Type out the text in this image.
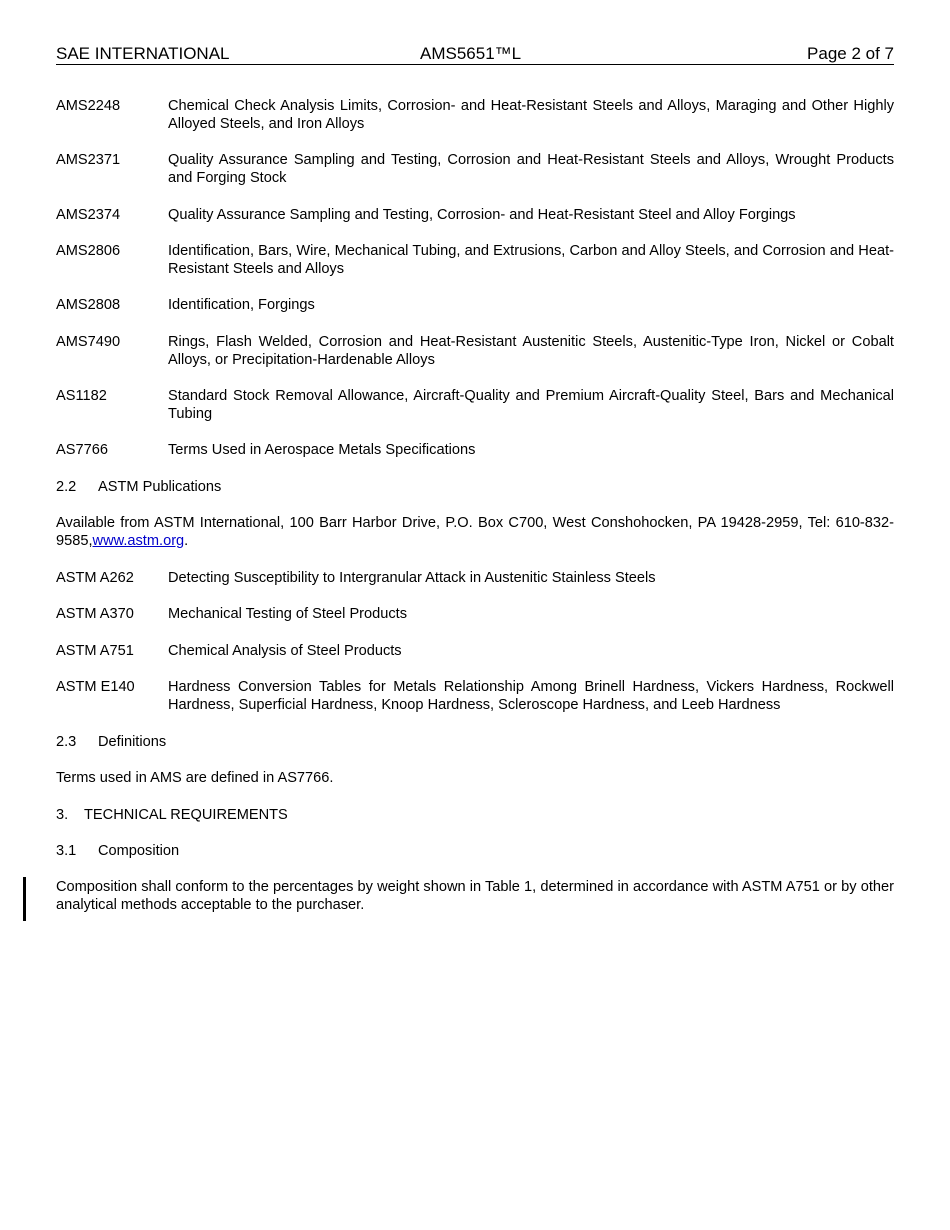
SAE INTERNATIONAL	AMS5651™L	Page 2 of 7
AMS2248	Chemical Check Analysis Limits, Corrosion- and Heat-Resistant Steels and Alloys, Maraging and Other Highly Alloyed Steels, and Iron Alloys
AMS2371	Quality Assurance Sampling and Testing, Corrosion and Heat-Resistant Steels and Alloys, Wrought Products and Forging Stock
AMS2374	Quality Assurance Sampling and Testing, Corrosion- and Heat-Resistant Steel and Alloy Forgings
AMS2806	Identification, Bars, Wire, Mechanical Tubing, and Extrusions, Carbon and Alloy Steels, and Corrosion and Heat-Resistant Steels and Alloys
AMS2808	Identification, Forgings
AMS7490	Rings, Flash Welded, Corrosion and Heat-Resistant Austenitic Steels, Austenitic-Type Iron, Nickel or Cobalt Alloys, or Precipitation-Hardenable Alloys
AS1182	Standard Stock Removal Allowance, Aircraft-Quality and Premium Aircraft-Quality Steel, Bars and Mechanical Tubing
AS7766	Terms Used in Aerospace Metals Specifications
2.2 ASTM Publications
Available from ASTM International, 100 Barr Harbor Drive, P.O. Box C700, West Conshohocken, PA 19428-2959, Tel: 610-832-9585,www.astm.org.
ASTM A262	Detecting Susceptibility to Intergranular Attack in Austenitic Stainless Steels
ASTM A370	Mechanical Testing of Steel Products
ASTM A751	Chemical Analysis of Steel Products
ASTM E140	Hardness Conversion Tables for Metals Relationship Among Brinell Hardness, Vickers Hardness, Rockwell Hardness, Superficial Hardness, Knoop Hardness, Scleroscope Hardness, and Leeb Hardness
2.3 Definitions
Terms used in AMS are defined in AS7766.
3. TECHNICAL REQUIREMENTS
3.1 Composition
Composition shall conform to the percentages by weight shown in Table 1, determined in accordance with ASTM A751 or by other analytical methods acceptable to the purchaser.
